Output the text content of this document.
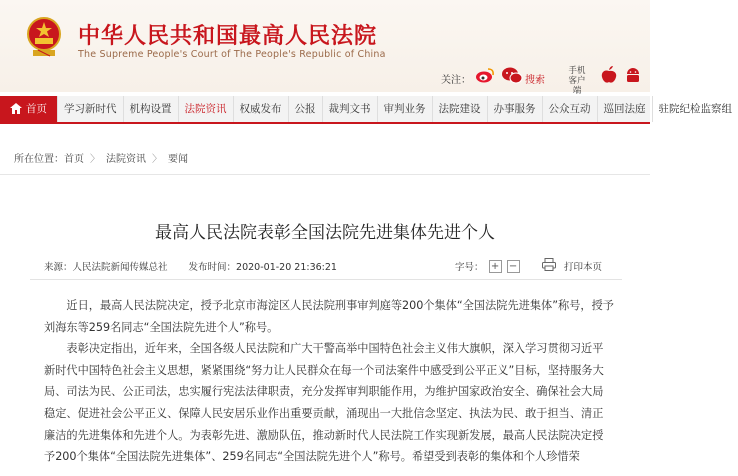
中华人民共和国最高人民法院
The Supreme People's Court of The People's Republic of China
关注：	搜索
手机
客户端
首页	学习新时代	机构设置	法院资讯	权威发布	公报	裁判文书	审判业务	法院建设	办事服务	公众互动	巡回法庭	驻院纪检监察组
所在位置： 首页 〉 法院资讯 〉 要闻
最高人民法院表彰全国法院先进集体先进个人
来源：人民法院新闻传媒总社 发布时间：2020-01-20 21:36:21	字号： + −	打印本页

近日，最高人民法院决定，授予北京市海淀区人民法院刑事审判庭等200个集体“全国法院先进集体”称号，授予刘海东等259名同志“全国法院先进个人”称号。

表彰决定指出，近年来，全国各级人民法院和广大干警高举中国特色社会主义伟大旗帜，深入学习贯彻习近平新时代中国特色社会主义思想，紧紧围绕“努力让人民群众在每一个司法案件中感受到公平正义”目标，坚持服务大局、司法为民、公正司法，忠实履行宪法法律职责，充分发挥审判职能作用，为维护国家政治安全、确保社会大局稳定、促进社会公平正义、保障人民安居乐业作出重要贡献，涌现出一大批信念坚定、执法为民、敢于担当、清正廉洁的先进集体和先进个人。为表彰先进、激励队伍，推动新时代人民法院工作实现新发展，最高人民法院决定授予200个集体“全国法院先进集体”、259名同志“全国法院先进个人”称号。希望受到表彰的集体和个人珍惜荣
